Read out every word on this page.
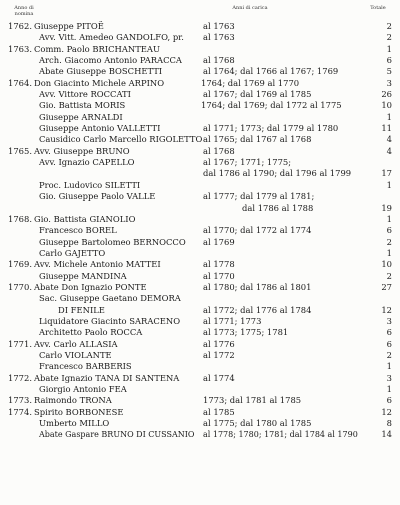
Anno di nomina
Anni di carica	Totale
1762. Giuseppe PITOË	al 1763	2
Avv. Vitt. Amedeo GANDOLFO, pr. al 1763	2
1763. Comm. Paolo BRICHANTEAU	1
Arch. Giacomo Antonio PARACCA	al 1768	6
Abate Giuseppe BOSCHETTI	al 1764; dal 1766 al 1767; 1769	5
1764. Don Giacinto Michele ARPINO	1764; dal 1769 al 1770	3
Avv. Vittore ROCCATI	al 1767; dal 1769 al 1785	26
Gio. Battista MORIS	1764; dal 1769; dal 1772 al 1775	10
Giuseppe ARNALDI	1
Giuseppe Antonio VALLETTI	al 1771; 1773; dal 1779 al 1780	11
Causidico Carlo Marcello RIGOLETTO al 1765; dal 1767 al 1768	4
1765. Avv. Giuseppe BRUNO	al 1768	4
Avv. Ignazio CAPELLO	al 1767; 1771; 1775;
dal 1786 al 1790; dal 1796 al 1799	17
Proc. Ludovico SILETTI	1
Gio. Giuseppe Paolo VALLE	al 1777; dal 1779 al 1781;
dal 1786 al 1788	19
1768. Gio. Battista GIANOLIO	1
Francesco BOREL	al 1770; dal 1772 al 1774	6
Giuseppe Bartolomeo BERNOCCO al 1769	2
Carlo GAJETTO	1
1769. Avv. Michele Antonio MATTEI	al 1778	10
Giuseppe MANDINA	al 1770	2
1770. Abate Don Ignazio PONTE	al 1780; dal 1786 al 1801	27
Sac. Giuseppe Gaetano DEMORA
DI FENILE	al 1772; dal 1776 al 1784	12
Liquidatore Giacinto SARACENO	al 1771; 1773	3
Architetto Paolo ROCCA	al 1773; 1775; 1781	6
1771. Avv. Carlo ALLASIA	al 1776	6
Carlo VIOLANTE	al 1772	2
Francesco BARBERIS	1
1772. Abate Ignazio TANA DI SANTENA	al 1774	3
Giorgio Antonio FEA	1
1773. Raimondo TRONA	1773; dal 1781 al 1785	6
1774. Spirito BORBONESE	al 1785	12
Umberto MILLO	al 1775; dal 1780 al 1785	8
Abate Gaspare BRUNO DI CUSSANIO al 1778; 1780; 1781; dal 1784 al 1790	14
